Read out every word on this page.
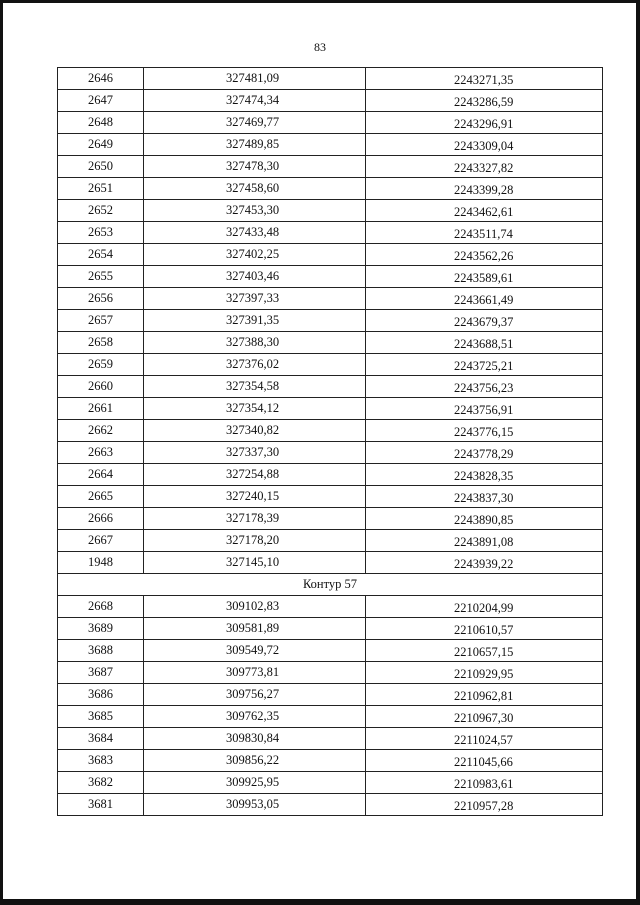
83
2646	327481,09	2243271,35
2647	327474,34	2243286,59
2648	327469,77	2243296,91
2649	327489,85	2243309,04
2650	327478,30	2243327,82
2651	327458,60	2243399,28
2652	327453,30	2243462,61
2653	327433,48	2243511,74
2654	327402,25	2243562,26
2655	327403,46	2243589,61
2656	327397,33	2243661,49
2657	327391,35	2243679,37
2658	327388,30	2243688,51
2659	327376,02	2243725,21
2660	327354,58	2243756,23
2661	327354,12	2243756,91
2662	327340,82	2243776,15
2663	327337,30	2243778,29
2664	327254,88	2243828,35
2665	327240,15	2243837,30
2666	327178,39	2243890,85
2667	327178,20	2243891,08
1948	327145,10	2243939,22
Контур 57		
2668	309102,83	2210204,99
3689	309581,89	2210610,57
3688	309549,72	2210657,15
3687	309773,81	2210929,95
3686	309756,27	2210962,81
3685	309762,35	2210967,30
3684	309830,84	2211024,57
3683	309856,22	2211045,66
3682	309925,95	2210983,61
3681	309953,05	2210957,28
